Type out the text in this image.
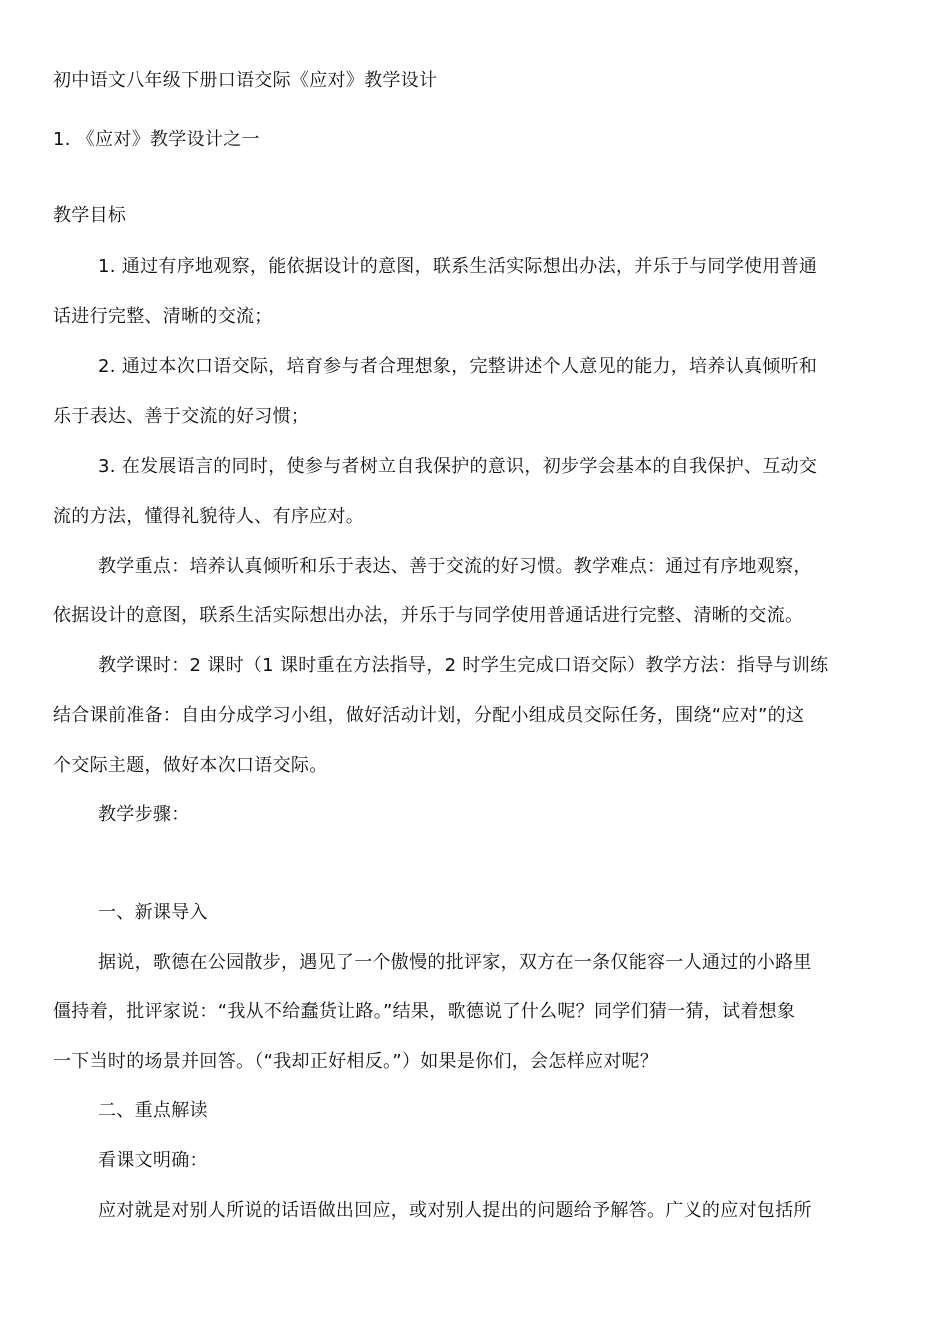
初中语文八年级下册口语交际《应对》教学设计
1. 《应对》教学设计之一
教学目标
1. 通过有序地观察，能依据设计的意图，联系生活实际想出办法，并乐于与同学使用普通
话进行完整、清晰的交流；
2. 通过本次口语交际，培育参与者合理想象，完整讲述个人意见的能力，培养认真倾听和
乐于表达、善于交流的好习惯；
3. 在发展语言的同时，使参与者树立自我保护的意识，初步学会基本的自我保护、互动交
流的方法，懂得礼貌待人、有序应对。
教学重点：培养认真倾听和乐于表达、善于交流的好习惯。教学难点：通过有序地观察，
依据设计的意图，联系生活实际想出办法，并乐于与同学使用普通话进行完整、清晰的交流。
教学课时：2 课时（1 课时重在方法指导，2 时学生完成口语交际）教学方法：指导与训练
结合课前准备：自由分成学习小组，做好活动计划，分配小组成员交际任务，围绕“应对”的这
个交际主题，做好本次口语交际。
教学步骤：
一、新课导入
据说，歌德在公园散步，遇见了一个傲慢的批评家，双方在一条仅能容一人通过的小路里
僵持着，批评家说：“我从不给蠢货让路。”结果，歌德说了什么呢？同学们猜一猜，试着想象
一下当时的场景并回答。（“我却正好相反。”）如果是你们，会怎样应对呢？
二、重点解读
看课文明确：
应对就是对别人所说的话语做出回应，或对别人提出的问题给予解答。广义的应对包括所
